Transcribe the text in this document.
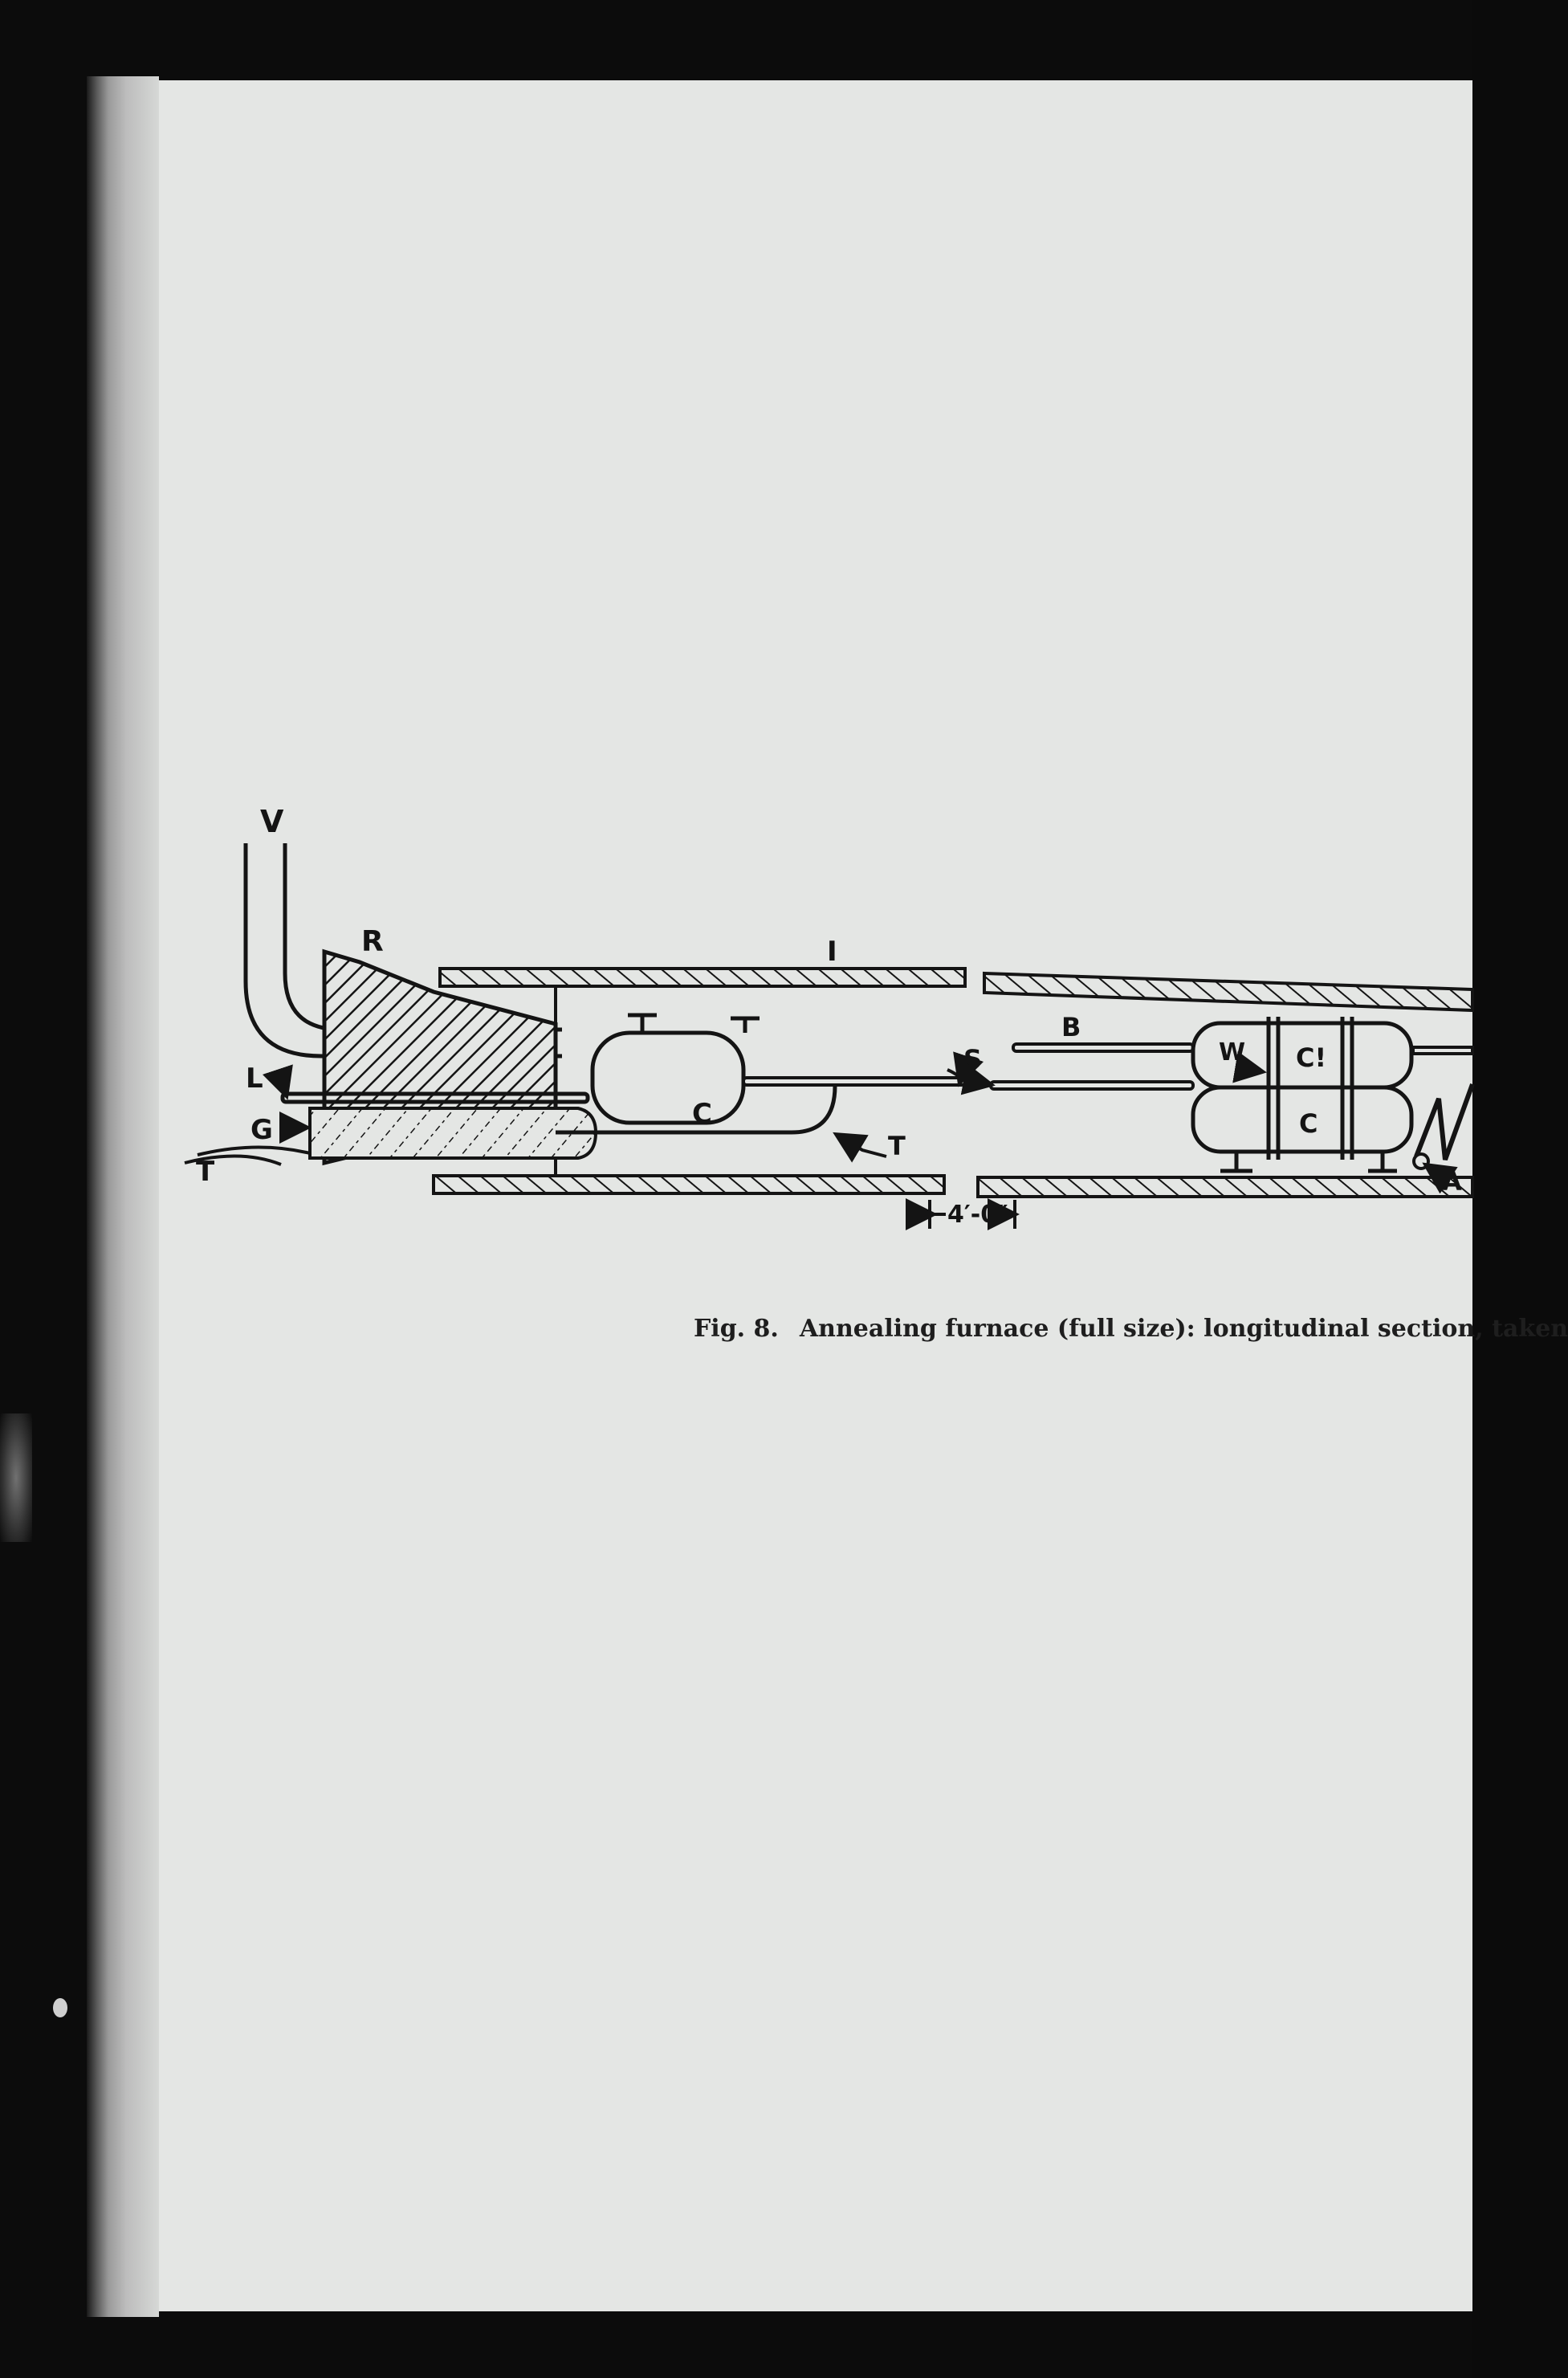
V
R	I
L
G
T
C
T
S
B
W C!
C
A
4′-0″
Fig. 8. Annealing furnace (full size): longitudinal section, taken
